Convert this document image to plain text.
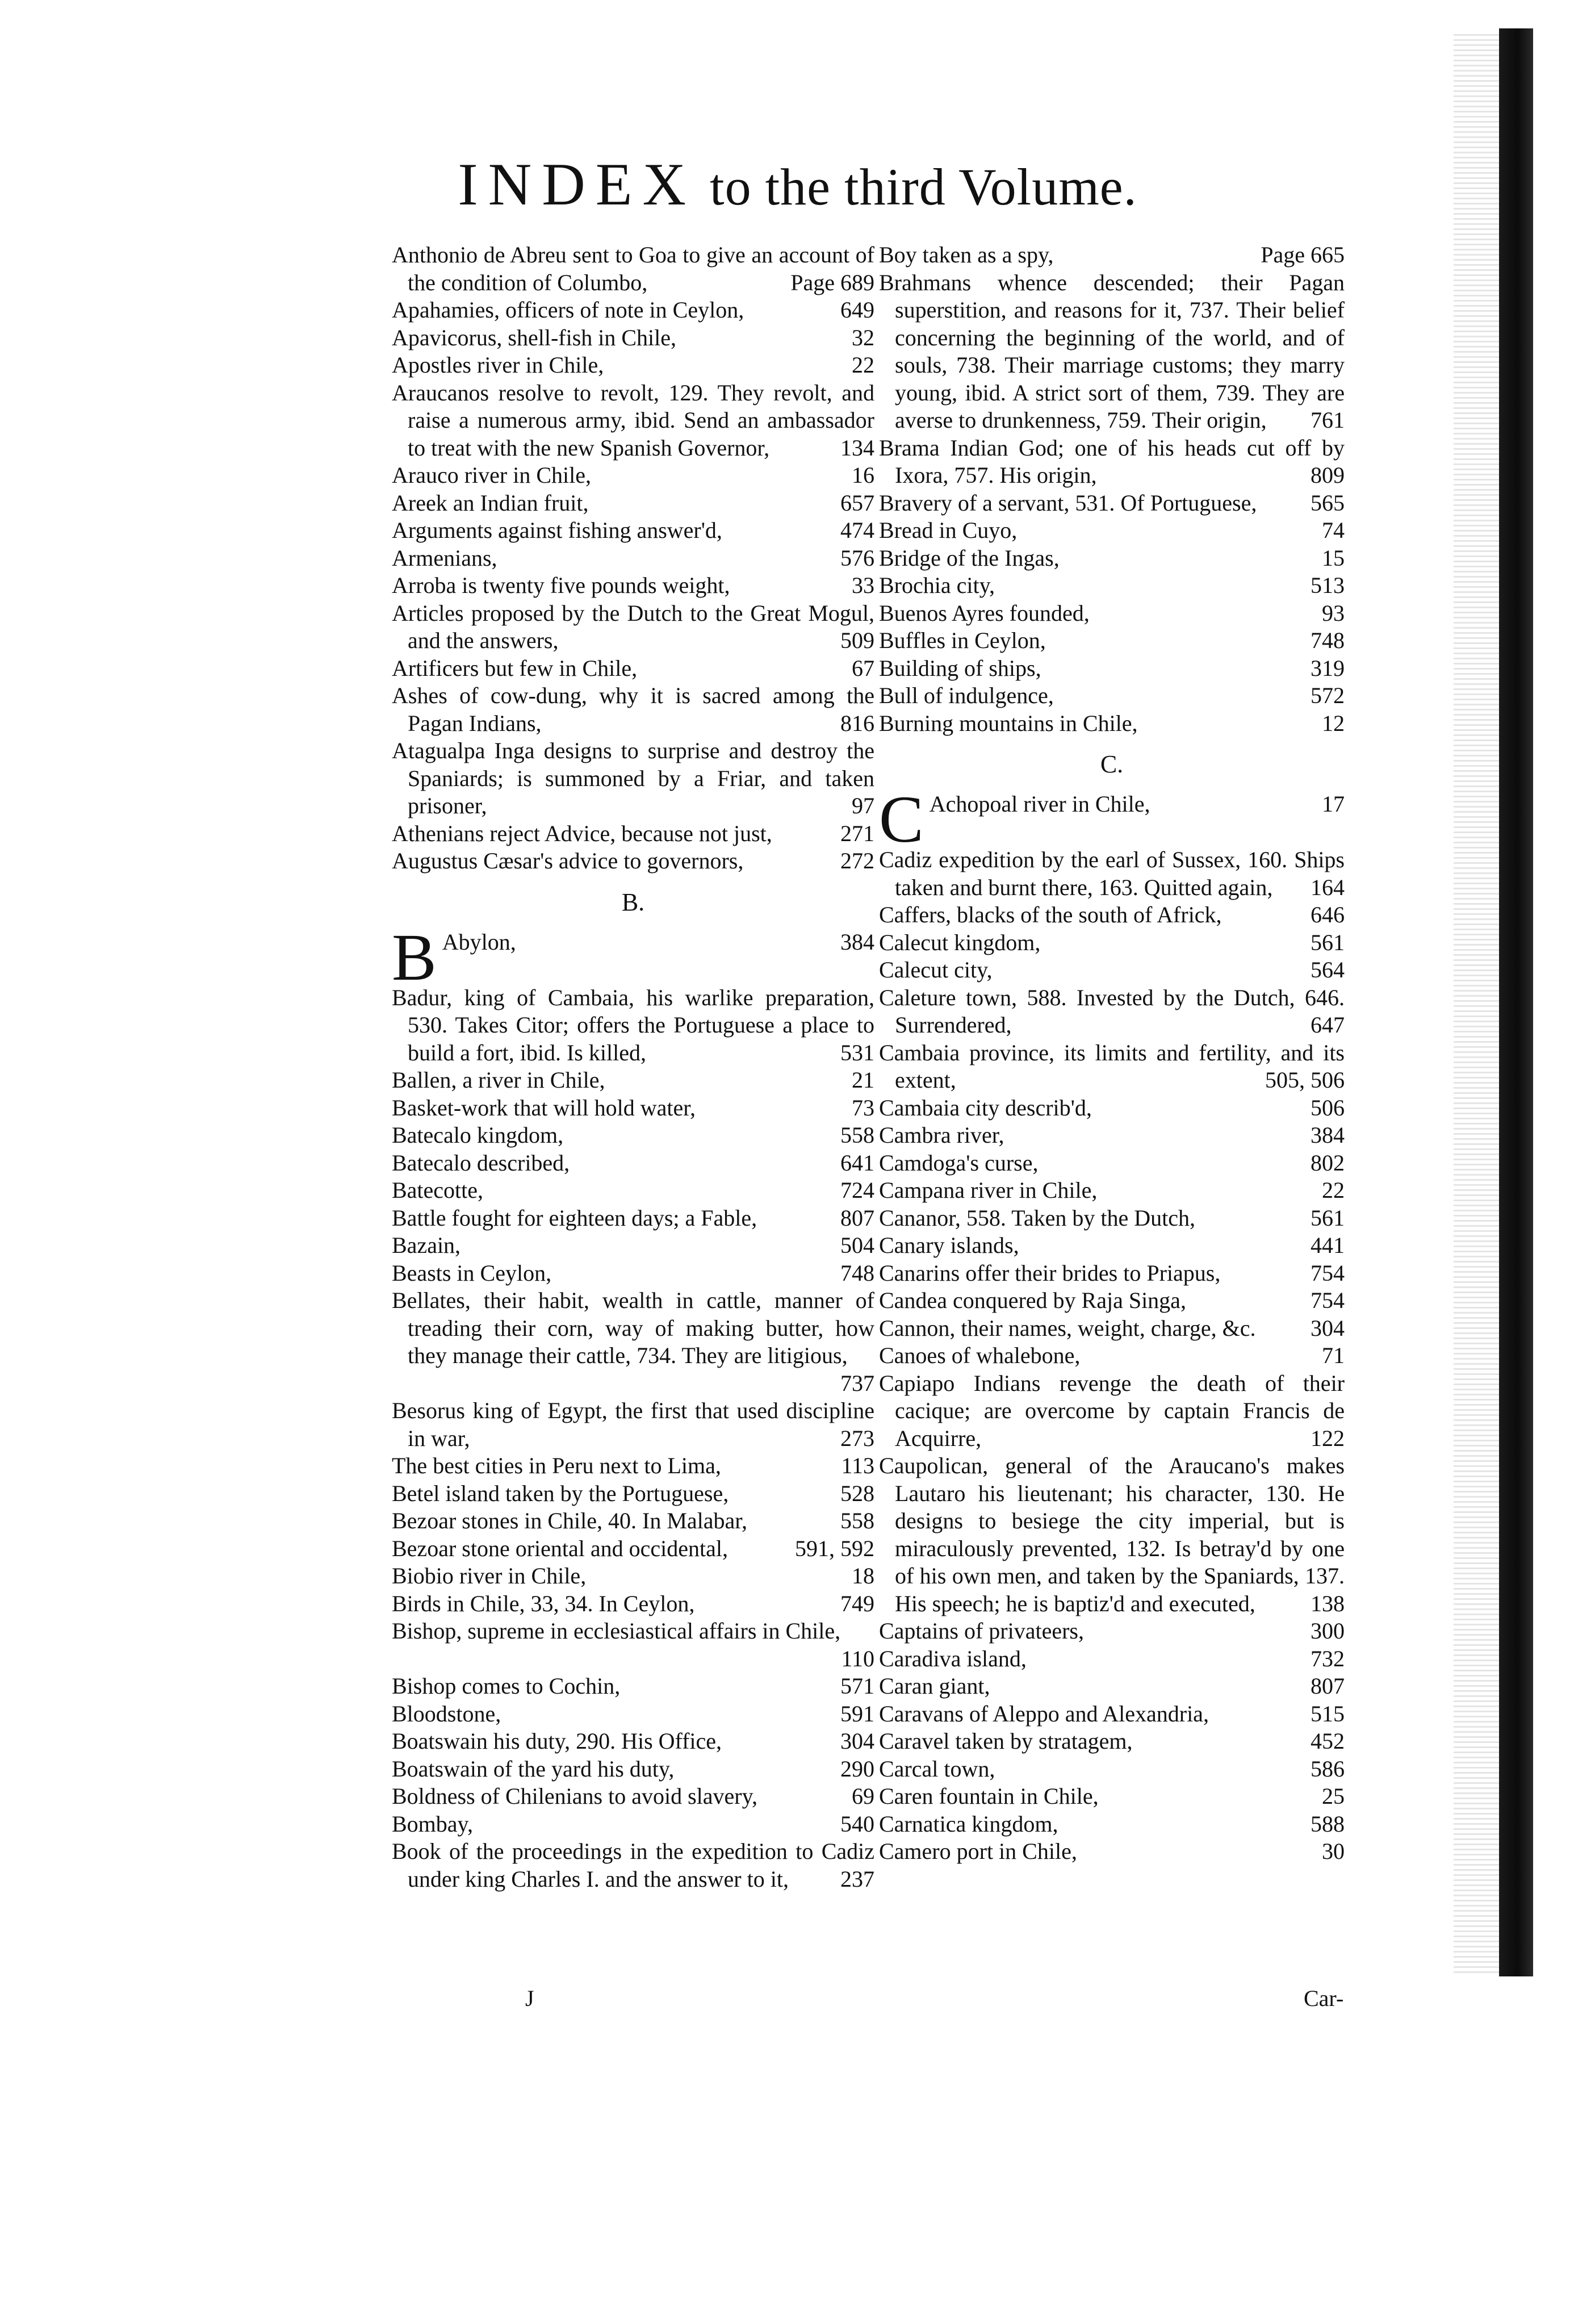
INDEX to the third Volume.

Anthonio de Abreu sent to Goa to give an account of the condition of Columbo,	Page 689

Apahamies, officers of note in Ceylon,	649

Apavicorus, shell-fish in Chile,	32

Apostles river in Chile,	22

Araucanos resolve to revolt, 129. They revolt, and raise a numerous army, ibid. Send an ambassador to treat with the new Spanish Governor,	134

Arauco river in Chile,	16

Areek an Indian fruit,	657

Arguments against fishing answer'd,	474

Armenians,	576

Arroba is twenty five pounds weight,	33

Articles proposed by the Dutch to the Great Mogul, and the answers,	509

Artificers but few in Chile,	67

Ashes of cow-dung, why it is sacred among the Pagan Indians,	816

Atagualpa Inga designs to surprise and destroy the Spaniards; is summoned by a Friar, and taken prisoner,	97

Athenians reject Advice, because not just,	271

Augustus Cæsar's advice to governors,	272

B.

B Abylon,	384

Badur, king of Cambaia, his warlike preparation, 530. Takes Citor; offers the Portuguese a place to build a fort, ibid. Is killed,	531

Ballen, a river in Chile,	21

Basket-work that will hold water,	73

Batecalo kingdom,	558

Batecalo described,	641

Batecotte,	724

Battle fought for eighteen days; a Fable,	807

Bazain,	504

Beasts in Ceylon,	748

Bellates, their habit, wealth in cattle, manner of treading their corn, way of making butter, how they manage their cattle, 734. They are litigious,
737

Besorus king of Egypt, the first that used discipline in war,	273

The best cities in Peru next to Lima,	113

Betel island taken by the Portuguese,	528

Bezoar stones in Chile, 40. In Malabar,	558

Bezoar stone oriental and occidental,	591, 592

Biobio river in Chile,	18

Birds in Chile, 33, 34. In Ceylon,	749

Bishop, supreme in ecclesiastical affairs in Chile,
110

Bishop comes to Cochin,	571

Bloodstone,	591

Boatswain his duty, 290. His Office,	304

Boatswain of the yard his duty,	290

Boldness of Chilenians to avoid slavery,	69

Bombay,	540

Book of the proceedings in the expedition to Cadiz under king Charles I. and the answer to it, 237

Boy taken as a spy,	Page 665

Brahmans whence descended; their Pagan superstition, and reasons for it, 737. Their belief concerning the beginning of the world, and of souls, 738. Their marriage customs; they marry young, ibid. A strict sort of them, 739. They are averse to drunkenness, 759. Their origin, 761

Brama Indian God; one of his heads cut off by Ixora, 757. His origin,	809

Bravery of a servant, 531. Of Portuguese, 565

Bread in Cuyo,	74

Bridge of the Ingas,	15

Brochia city,	513

Buenos Ayres founded,	93

Buffles in Ceylon,	748

Building of ships,	319

Bull of indulgence,	572

Burning mountains in Chile,	12

C.

C Achopoal river in Chile,	17

Cadiz expedition by the earl of Sussex, 160. Ships taken and burnt there, 163. Quitted again, 164

Caffers, blacks of the south of Africk,	646

Calecut kingdom,	561

Calecut city,	564

Caleture town, 588. Invested by the Dutch, 646. Surrendered,	647

Cambaia province, its limits and fertility, and its extent,	505, 506

Cambaia city describ'd,	506

Cambra river,	384

Camdoga's curse,	802

Campana river in Chile,	22

Cananor, 558. Taken by the Dutch,	561

Canary islands,	441

Canarins offer their brides to Priapus,	754

Candea conquered by Raja Singa,	754

Cannon, their names, weight, charge, &c. 304

Canoes of whalebone,	71

Capiapo Indians revenge the death of their cacique; are overcome by captain Francis de Acquirre,	122

Caupolican, general of the Araucano's makes Lautaro his lieutenant; his character, 130. He designs to besiege the city imperial, but is miraculously prevented, 132. Is betray'd by one of his own men, and taken by the Spaniards, 137. His speech; he is baptiz'd and executed, 138

Captains of privateers,	300

Caradiva island,	732

Caran giant,	807

Caravans of Aleppo and Alexandria,	515

Caravel taken by stratagem,	452

Carcal town,	586

Caren fountain in Chile,	25

Carnatica kingdom,	588

Camero port in Chile,	30

J	Car-
